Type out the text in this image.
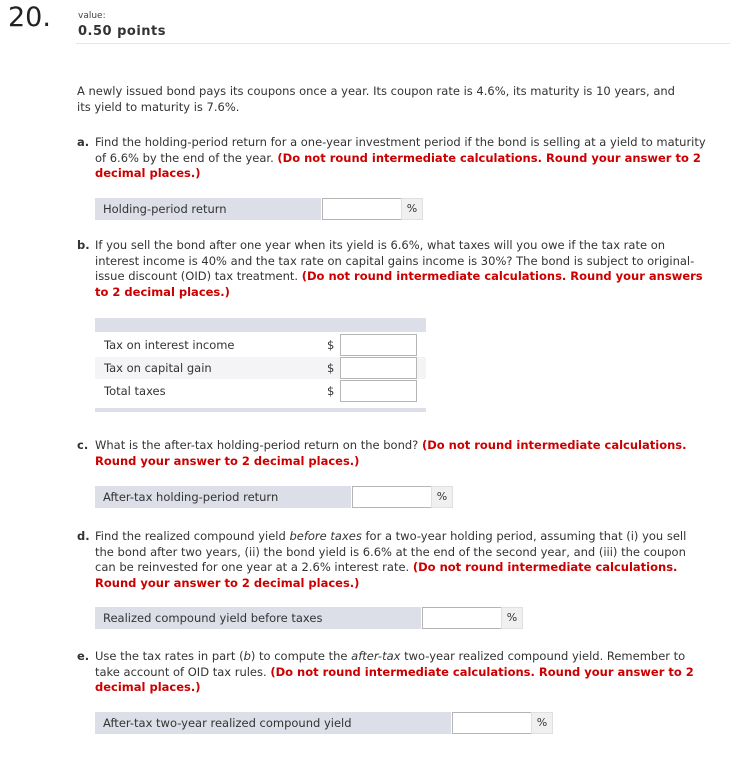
20.	value:
0.50 points
A newly issued bond pays its coupons once a year. Its coupon rate is 4.6%, its maturity is 10 years, and
its yield to maturity is 7.6%.
a. Find the holding-period return for a one-year investment period if the bond is selling at a yield to maturity
of 6.6% by the end of the year. (Do not round intermediate calculations. Round your answer to 2
decimal places.)
Holding-period return	%
b. If you sell the bond after one year when its yield is 6.6%, what taxes will you owe if the tax rate on
interest income is 40% and the tax rate on capital gains income is 30%? The bond is subject to original-
issue discount (OID) tax treatment. (Do not round intermediate calculations. Round your answers
to 2 decimal places.)
Tax on interest income	$
Tax on capital gain	$
Total taxes	$
c. What is the after-tax holding-period return on the bond? (Do not round intermediate calculations.
Round your answer to 2 decimal places.)
After-tax holding-period return	%
d. Find the realized compound yield before taxes for a two-year holding period, assuming that (i) you sell
the bond after two years, (ii) the bond yield is 6.6% at the end of the second year, and (iii) the coupon
can be reinvested for one year at a 2.6% interest rate. (Do not round intermediate calculations.
Round your answer to 2 decimal places.)
Realized compound yield before taxes	%
e. Use the tax rates in part (b) to compute the after-tax two-year realized compound yield. Remember to
take account of OID tax rules. (Do not round intermediate calculations. Round your answer to 2
decimal places.)
After-tax two-year realized compound yield	%
